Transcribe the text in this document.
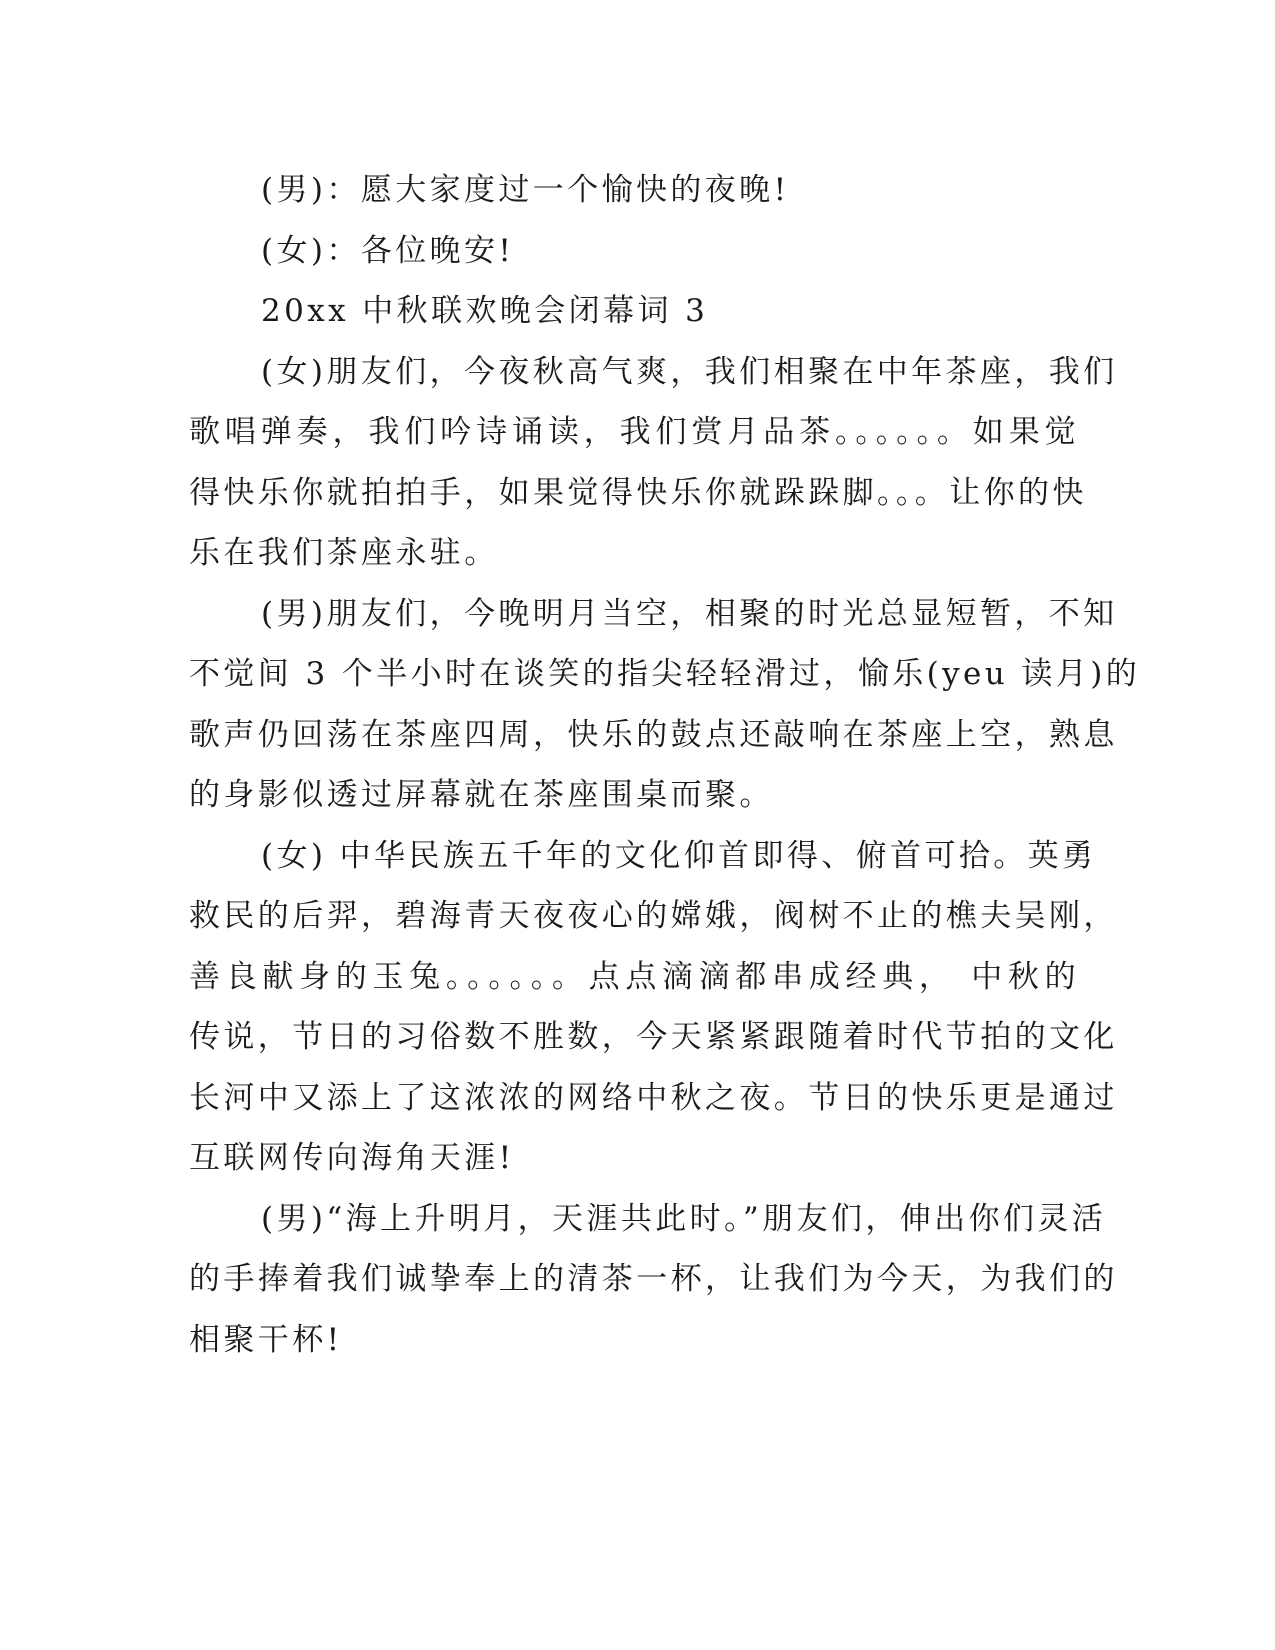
(男)：愿大家度过一个愉快的夜晚!
(女)：各位晚安!
20xx 中秋联欢晚会闭幕词 3
(女)朋友们，今夜秋高气爽，我们相聚在中年茶座，我们
歌唱弹奏，我们吟诗诵读，我们赏月品茶。。。。。。如果觉
得快乐你就拍拍手，如果觉得快乐你就跺跺脚。。。让你的快
乐在我们茶座永驻。
(男)朋友们，今晚明月当空，相聚的时光总显短暂，不知
不觉间 3 个半小时在谈笑的指尖轻轻滑过，愉乐(yeu 读月)的
歌声仍回荡在茶座四周，快乐的鼓点还敲响在茶座上空，熟息
的身影似透过屏幕就在茶座围桌而聚。
(女) 中华民族五千年的文化仰首即得、俯首可拾。英勇
救民的后羿，碧海青天夜夜心的嫦娥，阀树不止的樵夫吴刚，
善良献身的玉兔。。。。。。点点滴滴都串成经典， 中秋的
传说，节日的习俗数不胜数，今天紧紧跟随着时代节拍的文化
长河中又添上了这浓浓的网络中秋之夜。节日的快乐更是通过
互联网传向海角天涯!
(男)“海上升明月，天涯共此时。”朋友们，伸出你们灵活
的手捧着我们诚挚奉上的清茶一杯，让我们为今天，为我们的
相聚干杯!
